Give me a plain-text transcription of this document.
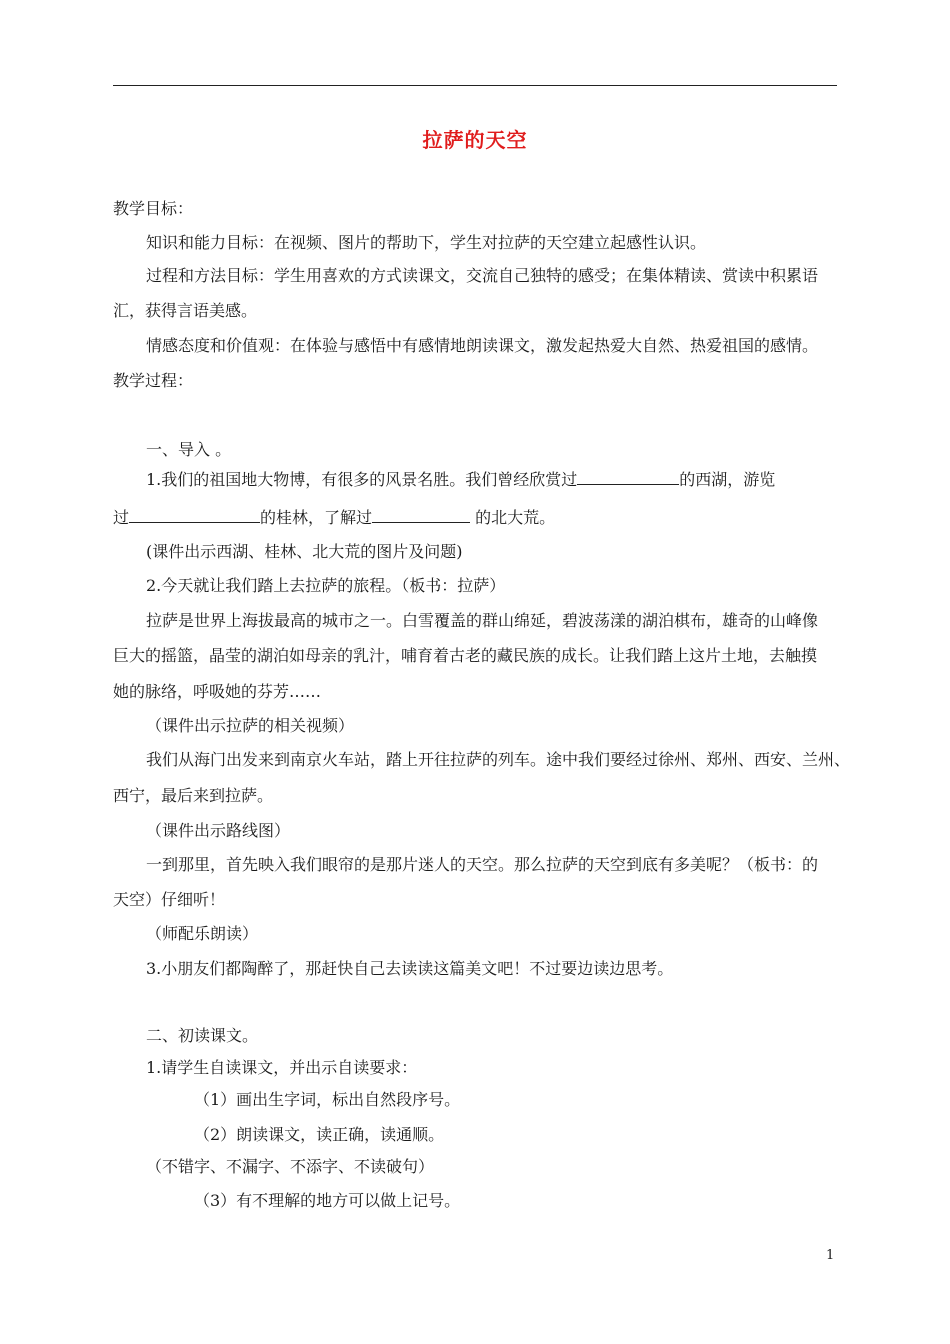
拉萨的天空
教学目标：
知识和能力目标：在视频、图片的帮助下，学生对拉萨的天空建立起感性认识。
过程和方法目标：学生用喜欢的方式读课文，交流自己独特的感受；在集体精读、赏读中积累语
汇，获得言语美感。
情感态度和价值观：在体验与感悟中有感情地朗读课文，激发起热爱大自然、热爱祖国的感情。
教学过程：
一、导入 。
1.我们的祖国地大物博，有很多的风景名胜。我们曾经欣赏过	的西湖，游览
过	的桂林，了解过	的北大荒。
(课件出示西湖、桂林、北大荒的图片及问题)
2.今天就让我们踏上去拉萨的旅程。（板书：拉萨）
拉萨是世界上海拔最高的城市之一。白雪覆盖的群山绵延，碧波荡漾的湖泊棋布，雄奇的山峰像
巨大的摇篮，晶莹的湖泊如母亲的乳汁，哺育着古老的藏民族的成长。让我们踏上这片土地，去触摸
她的脉络，呼吸她的芬芳……
（课件出示拉萨的相关视频）
我们从海门出发来到南京火车站，踏上开往拉萨的列车。途中我们要经过徐州、郑州、西安、兰州、
西宁，最后来到拉萨。
（课件出示路线图）
一到那里，首先映入我们眼帘的是那片迷人的天空。那么拉萨的天空到底有多美呢？（板书：的
天空）仔细听！
（师配乐朗读）
3.小朋友们都陶醉了，那赶快自己去读读这篇美文吧！不过要边读边思考。
二、初读课文。
1.请学生自读课文，并出示自读要求：
（1）画出生字词，标出自然段序号。
（2）朗读课文，读正确，读通顺。
（不错字、不漏字、不添字、不读破句）
（3）有不理解的地方可以做上记号。
1
